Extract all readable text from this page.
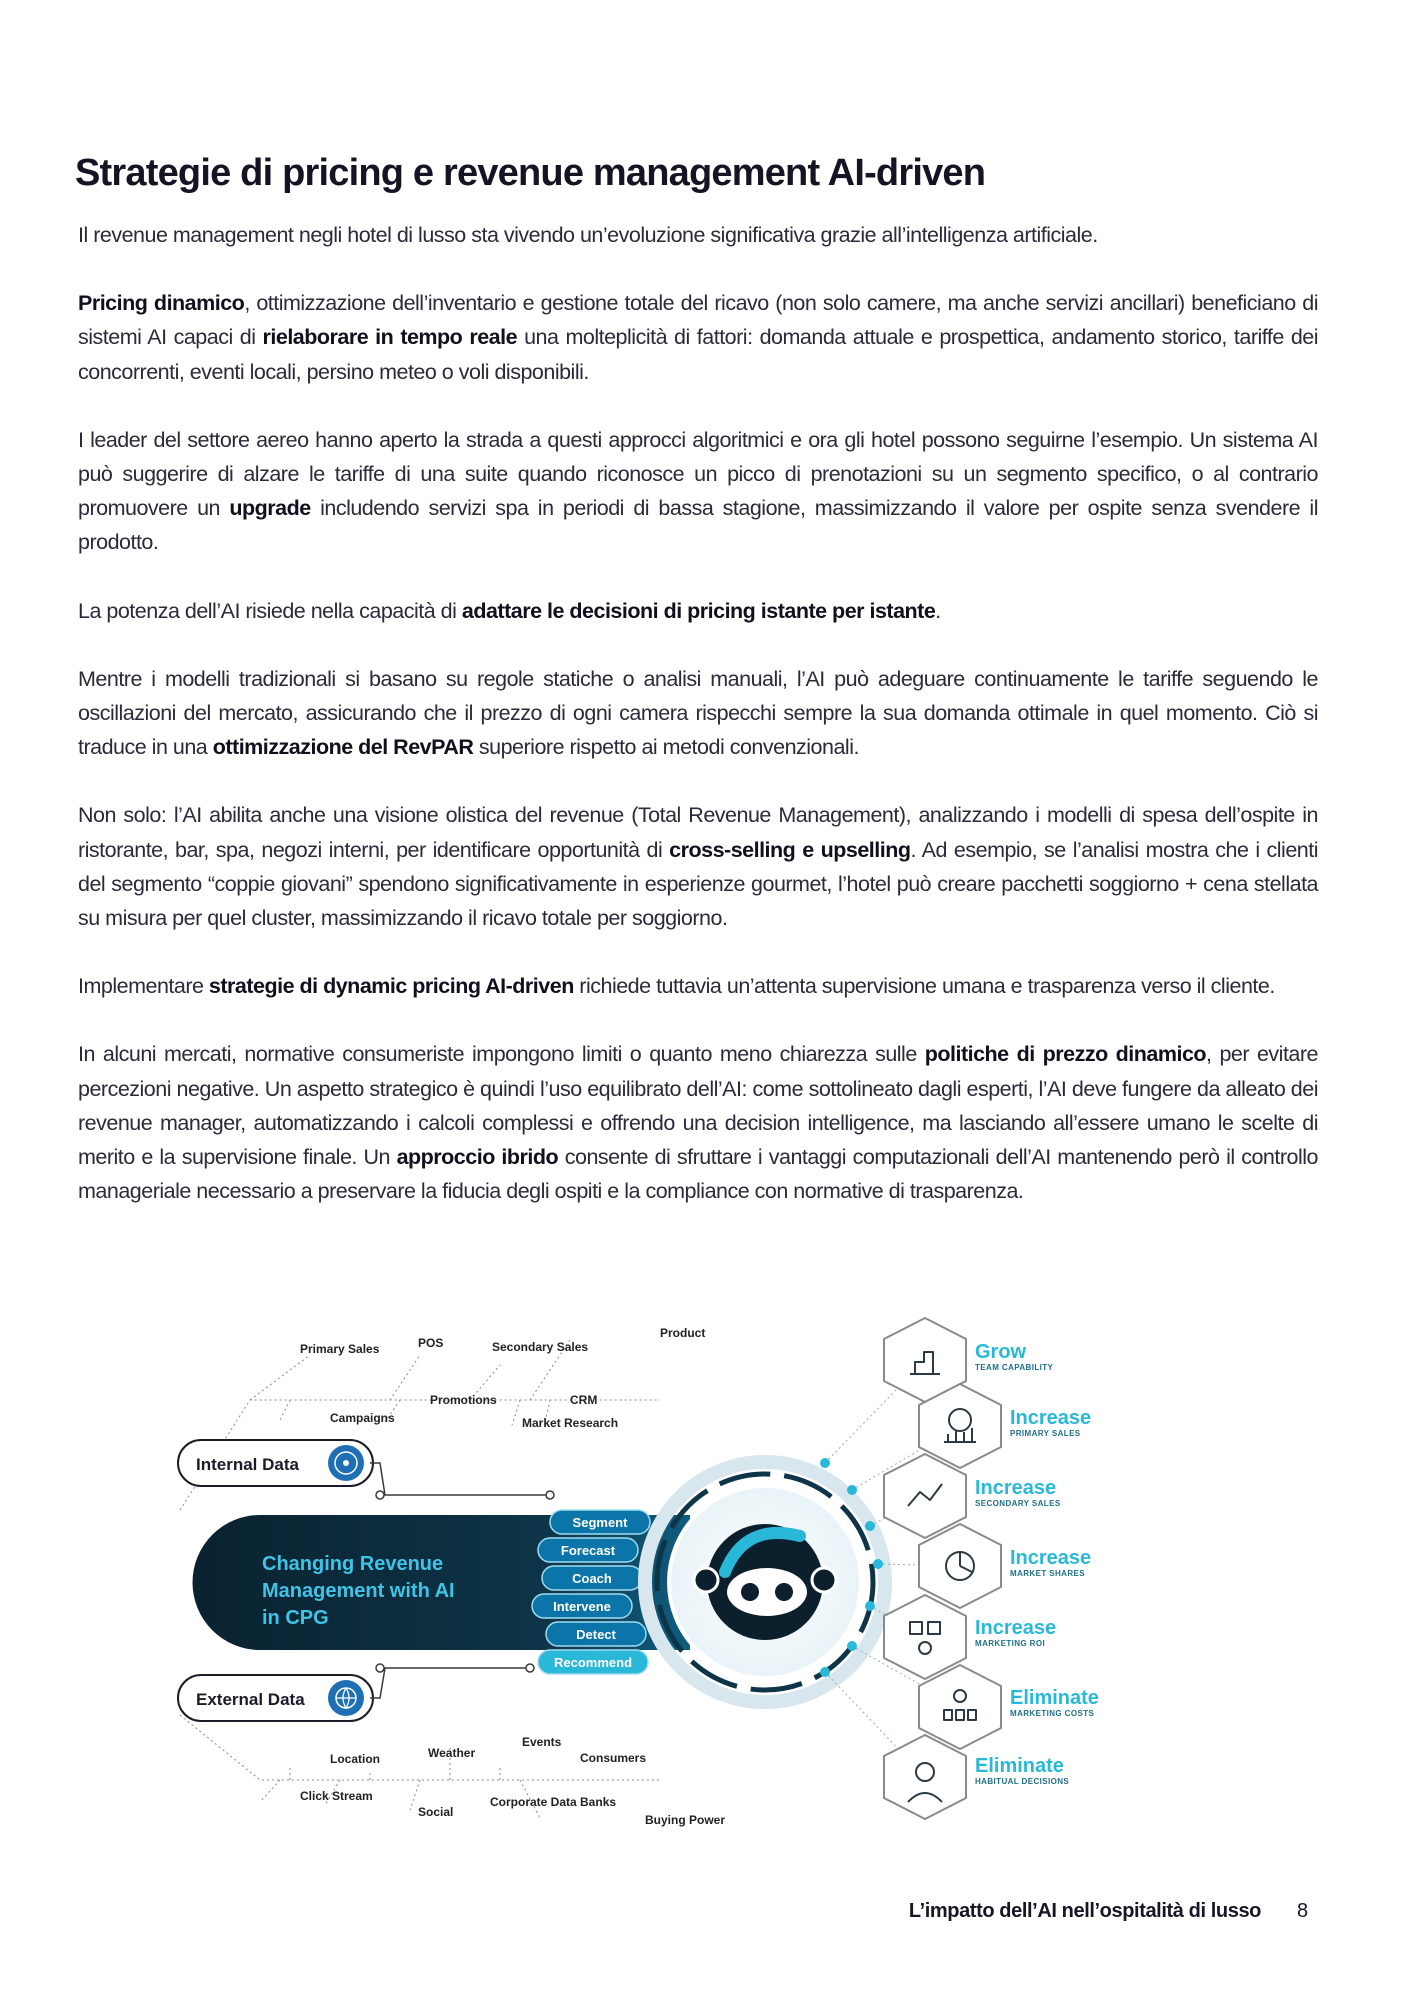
Strategie di pricing e revenue management AI-driven

Il revenue management negli hotel di lusso sta vivendo un’evoluzione significativa grazie all’intelligenza artificiale.

Pricing dinamico, ottimizzazione dell’inventario e gestione totale del ricavo (non solo camere, ma anche servizi ancillari) beneficiano di sistemi AI capaci di rielaborare in tempo reale una molteplicità di fattori: domanda attuale e prospettica, andamento storico, tariffe dei concorrenti, eventi locali, persino meteo o voli disponibili.

I leader del settore aereo hanno aperto la strada a questi approcci algoritmici e ora gli hotel possono seguirne l’esempio. Un sistema AI può suggerire di alzare le tariffe di una suite quando riconosce un picco di prenotazioni su un segmento specifico, o al contrario promuovere un upgrade includendo servizi spa in periodi di bassa stagione, massimizzando il valore per ospite senza svendere il prodotto.

La potenza dell’AI risiede nella capacità di adattare le decisioni di pricing istante per istante.

Mentre i modelli tradizionali si basano su regole statiche o analisi manuali, l’AI può adeguare continuamente le tariffe seguendo le oscillazioni del mercato, assicurando che il prezzo di ogni camera rispecchi sempre la sua domanda ottimale in quel momento. Ciò si traduce in una ottimizzazione del RevPAR superiore rispetto ai metodi convenzionali.

Non solo: l’AI abilita anche una visione olistica del revenue (Total Revenue Management), analizzando i modelli di spesa dell’ospite in ristorante, bar, spa, negozi interni, per identificare opportunità di cross-selling e upselling. Ad esempio, se l’analisi mostra che i clienti del segmento “coppie giovani” spendono significativamente in esperienze gourmet, l’hotel può creare pacchetti soggiorno + cena stellata su misura per quel cluster, massimizzando il ricavo totale per soggiorno.

Implementare strategie di dynamic pricing AI-driven richiede tuttavia un’attenta supervisione umana e trasparenza verso il cliente.

In alcuni mercati, normative consumeriste impongono limiti o quanto meno chiarezza sulle politiche di prezzo dinamico, per evitare percezioni negative. Un aspetto strategico è quindi l’uso equilibrato dell’AI: come sottolineato dagli esperti, l’AI deve fungere da alleato dei revenue manager, automatizzando i calcoli complessi e offrendo una decision intelligence, ma lasciando all’essere umano le scelte di merito e la supervisione finale. Un approccio ibrido consente di sfruttare i vantaggi computazionali dell’AI mantenendo però il controllo manageriale necessario a preservare la fiducia degli ospiti e la compliance con normative di trasparenza.

Primary Sales	POS	Secondary Sales
Product
Campaigns
Promotions	CRM
Market Research
Location	Weather
Events
Consumers
Click Stream
Social
Corporate Data Banks
Buying Power
Internal Data
External Data
Changing Revenue
Management with AI
in CPG
Segment
Forecast
Coach
Intervene
Detect
Recommend
Grow
TEAM CAPABILITY
Increase
PRIMARY SALES
Increase
SECONDARY SALES
Increase
MARKET SHARES
Increase
MARKETING ROI
Eliminate
MARKETING COSTS
Eliminate
HABITUAL DECISIONS
L’impatto dell’AI nell’ospitalità di lusso 8
